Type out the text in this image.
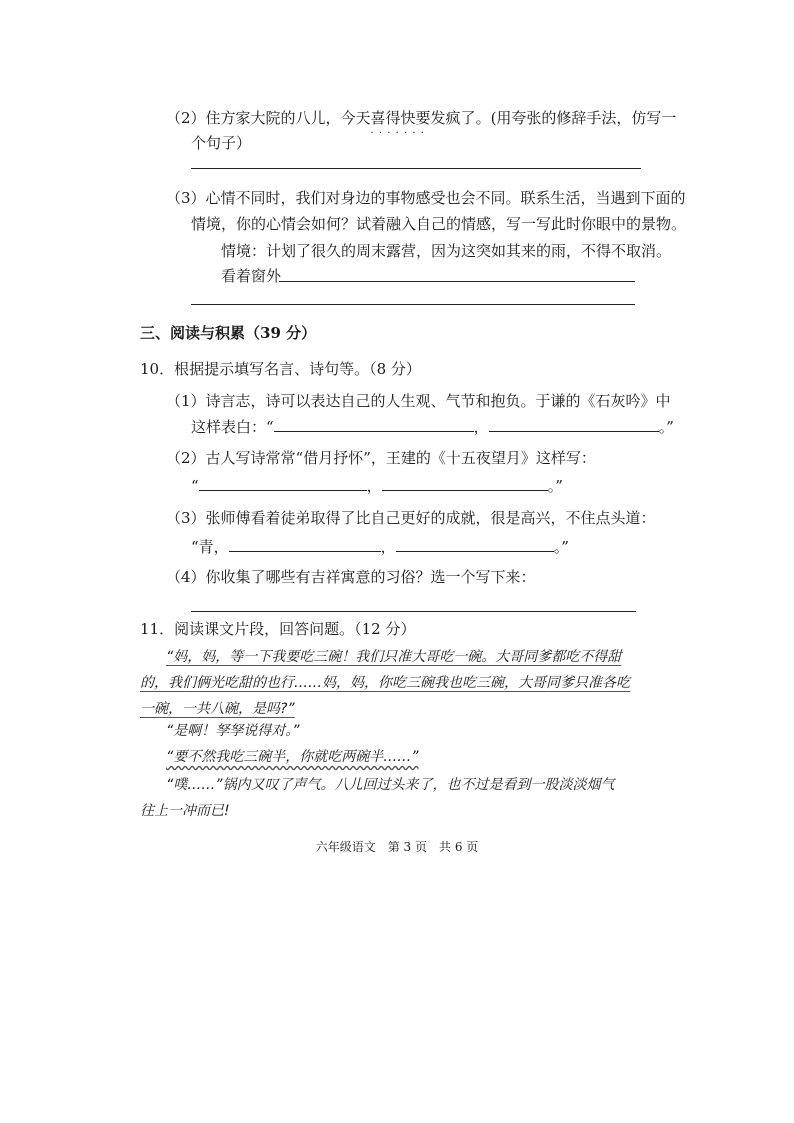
（2）住方家大院的八儿，今天喜得快要发疯了 · · ·。(用夸张的修辞手法，仿写一
个句子）
（3）心情不同时，我们对身边的事物感受也会不同。联系生活，当遇到下面的
情境，你的心情会如何？试着融入自己的情感，写一写此时你眼中的景物。
情境：计划了很久的周末露营，因为这突如其来的雨，不得不取消。
看着窗外
三、阅读与积累（39 分）
10．根据提示填写名言、诗句等。（8 分）
（1）诗言志，诗可以表达自己的人生观、气节和抱负。于谦的《石灰吟》中
这样表白：“	，	。”
（2）古人写诗常常“借月抒怀”，王建的《十五夜望月》这样写：
“	，	。”
（3）张师傅看着徒弟取得了比自己更好的成就，很是高兴，不住点头道：
“青，	，	。”
（4）你收集了哪些有吉祥寓意的习俗？选一个写下来：
11．阅读课文片段，回答问题。（12 分）
“妈，妈，等一下我要吃三碗！我们只准大哥吃一碗。大哥同爹都吃不得甜
的，我们俩光吃甜的也行……妈，妈，你吃三碗我也吃三碗，大哥同爹只准各吃
一碗，一共八碗，是吗?”
“是啊！孥孥说得对。”
“要不然我吃三碗半，你就吃两碗半……”
“噗……”锅内又叹了声气。八儿回过头来了，也不过是看到一股淡淡烟气
往上一冲而已!
六年级语文　第 3 页　共 6 页
